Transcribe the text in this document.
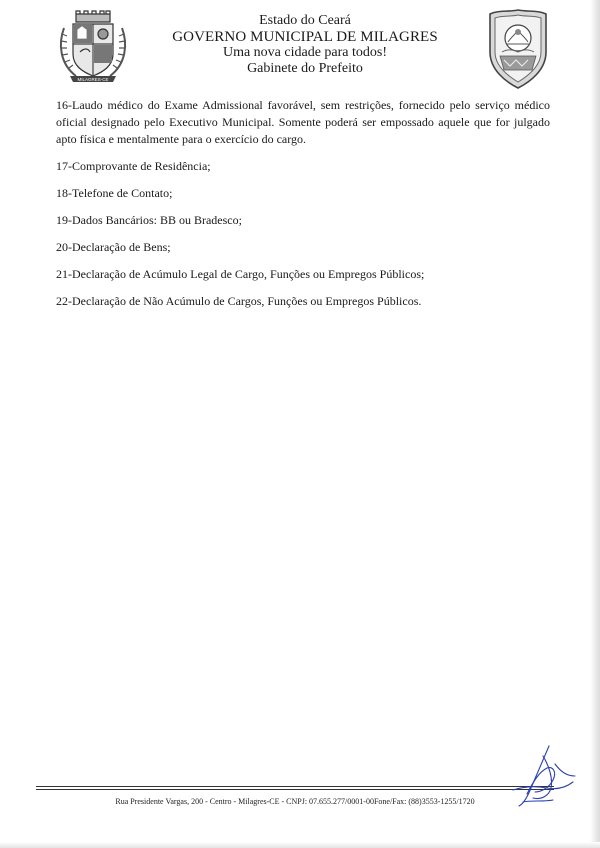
MILAGRES-CE
Estado do Ceará
GOVERNO MUNICIPAL DE MILAGRES
Uma nova cidade para todos!
Gabinete do Prefeito

16-Laudo médico do Exame Admissional favorável, sem restrições, fornecido pelo serviço médico oficial designado pelo Executivo Municipal. Somente poderá ser empossado aquele que for julgado apto física e mentalmente para o exercício do cargo.

17-Comprovante de Residência;

18-Telefone de Contato;

19-Dados Bancários: BB ou Bradesco;

20-Declaração de Bens;

21-Declaração de Acúmulo Legal de Cargo, Funções ou Empregos Públicos;

22-Declaração de Não Acúmulo de Cargos, Funções ou Empregos Públicos.

Rua Presidente Vargas, 200 - Centro - Milagres-CE - CNPJ: 07.655.277/0001-00Fone/Fax: (88)3553-1255/1720
